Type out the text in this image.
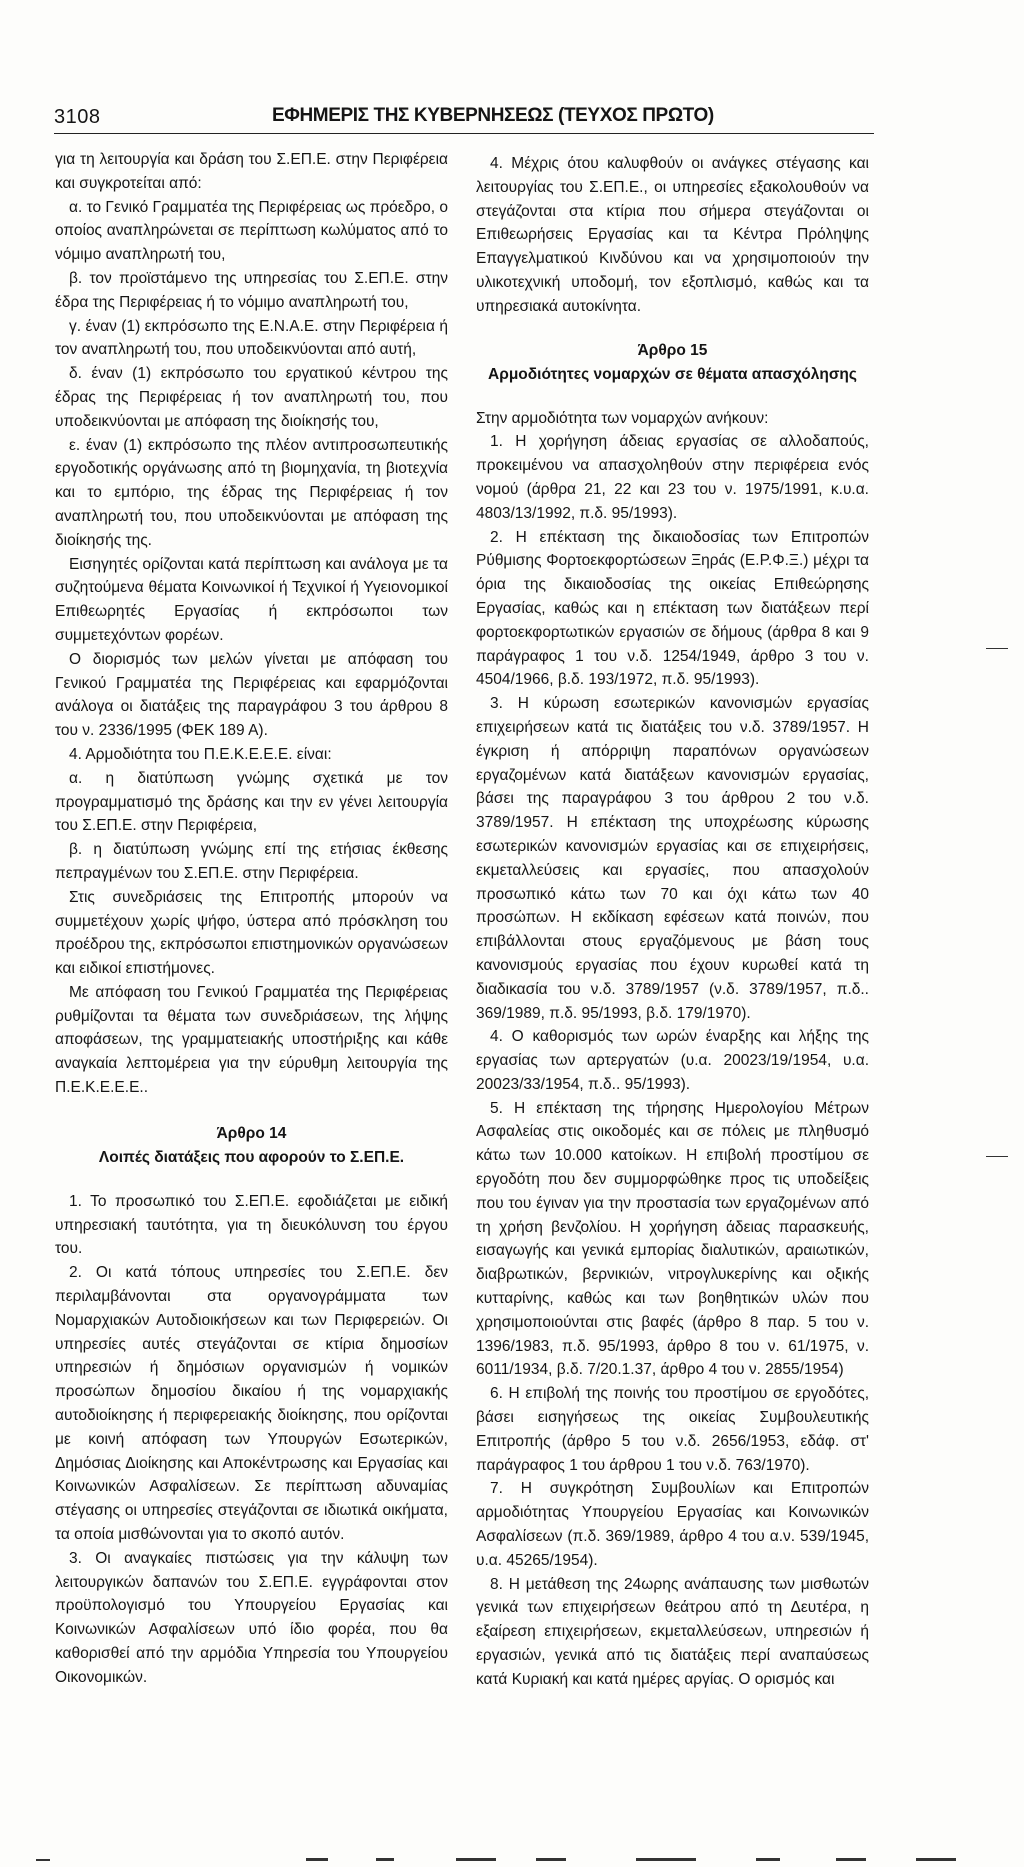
3108	ΕΦΗΜΕΡΙΣ ΤΗΣ ΚΥΒΕΡΝΗΣΕΩΣ (ΤΕΥΧΟΣ ΠΡΩΤΟ)

για τη λειτουργία και δράση του Σ.ΕΠ.Ε. στην Περιφέρεια και συγκροτείται από:

α. το Γενικό Γραμματέα της Περιφέρειας ως πρόεδρο, ο οποίος αναπληρώνεται σε περίπτωση κωλύματος από το νόμιμο αναπληρωτή του,

β. τον προϊστάμενο της υπηρεσίας του Σ.ΕΠ.Ε. στην έδρα της Περιφέρειας ή το νόμιμο αναπληρωτή του,

γ. έναν (1) εκπρόσωπο της Ε.Ν.Α.Ε. στην Περιφέρεια ή τον αναπληρωτή του, που υποδεικνύονται από αυτή,

δ. έναν (1) εκπρόσωπο του εργατικού κέντρου της έδρας της Περιφέρειας ή τον αναπληρωτή του, που υποδεικνύονται με απόφαση της διοίκησής του,

ε. έναν (1) εκπρόσωπο της πλέον αντιπροσωπευτικής εργοδοτικής οργάνωσης από τη βιομηχανία, τη βιοτεχνία και το εμπόριο, της έδρας της Περιφέρειας ή τον αναπληρωτή του, που υποδεικνύονται με απόφαση της διοίκησής της.

Εισηγητές ορίζονται κατά περίπτωση και ανάλογα με τα συζητούμενα θέματα Κοινωνικοί ή Τεχνικοί ή Υγειονομικοί Επιθεωρητές Εργασίας ή εκπρόσωποι των συμμετεχόντων φορέων.

Ο διορισμός των μελών γίνεται με απόφαση του Γενικού Γραμματέα της Περιφέρειας και εφαρμόζονται ανάλογα οι διατάξεις της παραγράφου 3 του άρθρου 8 του ν. 2336/1995 (ΦΕΚ 189 Α).

4. Αρμοδιότητα του Π.Ε.Κ.Ε.Ε.Ε. είναι:

α. η διατύπωση γνώμης σχετικά με τον προγραμματισμό της δράσης και την εν γένει λειτουργία του Σ.ΕΠ.Ε. στην Περιφέρεια,

β. η διατύπωση γνώμης επί της ετήσιας έκθεσης πεπραγμένων του Σ.ΕΠ.Ε. στην Περιφέρεια.

Στις συνεδριάσεις της Επιτροπής μπορούν να συμμετέχουν χωρίς ψήφο, ύστερα από πρόσκληση του προέδρου της, εκπρόσωποι επιστημονικών οργανώσεων και ειδικοί επιστήμονες.

Με απόφαση του Γενικού Γραμματέα της Περιφέρειας ρυθμίζονται τα θέματα των συνεδριάσεων, της λήψης αποφάσεων, της γραμματειακής υποστήριξης και κάθε αναγκαία λεπτομέρεια για την εύρυθμη λειτουργία της Π.Ε.Κ.Ε.Ε.Ε..

Άρθρο 14
Λοιπές διατάξεις που αφορούν το Σ.ΕΠ.Ε.

1. Το προσωπικό του Σ.ΕΠ.Ε. εφοδιάζεται με ειδική υπηρεσιακή ταυτότητα, για τη διευκόλυνση του έργου του.

2. Οι κατά τόπους υπηρεσίες του Σ.ΕΠ.Ε. δεν περιλαμβάνονται στα οργανογράμματα των Νομαρχιακών Αυτοδιοικήσεων και των Περιφερειών. Οι υπηρεσίες αυτές στεγάζονται σε κτίρια δημοσίων υπηρεσιών ή δημόσιων οργανισμών ή νομικών προσώπων δημοσίου δικαίου ή της νομαρχιακής αυτοδιοίκησης ή περιφερειακής διοίκησης, που ορίζονται με κοινή απόφαση των Υπουργών Εσωτερικών, Δημόσιας Διοίκησης και Αποκέντρωσης και Εργασίας και Κοινωνικών Ασφαλίσεων. Σε περίπτωση αδυναμίας στέγασης οι υπηρεσίες στεγάζονται σε ιδιωτικά οικήματα, τα οποία μισθώνονται για το σκοπό αυτόν.

3. Οι αναγκαίες πιστώσεις για την κάλυψη των λειτουργικών δαπανών του Σ.ΕΠ.Ε. εγγράφονται στον προϋπολογισμό του Υπουργείου Εργασίας και Κοινωνικών Ασφαλίσεων υπό ίδιο φορέα, που θα καθορισθεί από την αρμόδια Υπηρεσία του Υπουργείου Οικονομικών.

4. Μέχρις ότου καλυφθούν οι ανάγκες στέγασης και λειτουργίας του Σ.ΕΠ.Ε., οι υπηρεσίες εξακολουθούν να στεγάζονται στα κτίρια που σήμερα στεγάζονται οι Επιθεωρήσεις Εργασίας και τα Κέντρα Πρόληψης Επαγγελματικού Κινδύνου και να χρησιμοποιούν την υλικοτεχνική υποδομή, τον εξοπλισμό, καθώς και τα υπηρεσιακά αυτοκίνητα.

Άρθρο 15
Αρμοδιότητες νομαρχών σε θέματα απασχόλησης

Στην αρμοδιότητα των νομαρχών ανήκουν:

1. Η χορήγηση άδειας εργασίας σε αλλοδαπούς, προκειμένου να απασχοληθούν στην περιφέρεια ενός νομού (άρθρα 21, 22 και 23 του ν. 1975/1991, κ.υ.α. 4803/13/1992, π.δ. 95/1993).

2. Η επέκταση της δικαιοδοσίας των Επιτροπών Ρύθμισης Φορτοεκφορτώσεων Ξηράς (Ε.Ρ.Φ.Ξ.) μέχρι τα όρια της δικαιοδοσίας της οικείας Επιθεώρησης Εργασίας, καθώς και η επέκταση των διατάξεων περί φορτοεκφορτωτικών εργασιών σε δήμους (άρθρα 8 και 9 παράγραφος 1 του ν.δ. 1254/1949, άρθρο 3 του ν. 4504/1966, β.δ. 193/1972, π.δ. 95/1993).

3. Η κύρωση εσωτερικών κανονισμών εργασίας επιχειρήσεων κατά τις διατάξεις του ν.δ. 3789/1957. Η έγκριση ή απόρριψη παραπόνων οργανώσεων εργαζομένων κατά διατάξεων κανονισμών εργασίας, βάσει της παραγράφου 3 του άρθρου 2 του ν.δ. 3789/1957. Η επέκταση της υποχρέωσης κύρωσης εσωτερικών κανονισμών εργασίας και σε επιχειρήσεις, εκμεταλλεύσεις και εργασίες, που απασχολούν προσωπικό κάτω των 70 και όχι κάτω των 40 προσώπων. Η εκδίκαση εφέσεων κατά ποινών, που επιβάλλονται στους εργαζόμενους με βάση τους κανονισμούς εργασίας που έχουν κυρωθεί κατά τη διαδικασία του ν.δ. 3789/1957 (ν.δ. 3789/1957, π.δ.. 369/1989, π.δ. 95/1993, β.δ. 179/1970).

4. Ο καθορισμός των ωρών έναρξης και λήξης της εργασίας των αρτεργατών (υ.α. 20023/19/1954, υ.α. 20023/33/1954, π.δ.. 95/1993).

5. Η επέκταση της τήρησης Ημερολογίου Μέτρων Ασφαλείας στις οικοδομές και σε πόλεις με πληθυσμό κάτω των 10.000 κατοίκων. Η επιβολή προστίμου σε εργοδότη που δεν συμμορφώθηκε προς τις υποδείξεις που του έγιναν για την προστασία των εργαζομένων από τη χρήση βενζολίου. Η χορήγηση άδειας παρασκευής, εισαγωγής και γενικά εμπορίας διαλυτικών, αραιωτικών, διαβρωτικών, βερνικιών, νιτρογλυκερίνης και οξικής κυτταρίνης, καθώς και των βοηθητικών υλών που χρησιμοποιούνται στις βαφές (άρθρο 8 παρ. 5 του ν. 1396/1983, π.δ. 95/1993, άρθρο 8 του ν. 61/1975, ν. 6011/1934, β.δ. 7/20.1.37, άρθρο 4 του ν. 2855/1954)

6. Η επιβολή της ποινής του προστίμου σε εργοδότες, βάσει εισηγήσεως της οικείας Συμβουλευτικής Επιτροπής (άρθρο 5 του ν.δ. 2656/1953, εδάφ. στ' παράγραφος 1 του άρθρου 1 του ν.δ. 763/1970).

7. Η συγκρότηση Συμβουλίων και Επιτροπών αρμοδιότητας Υπουργείου Εργασίας και Κοινωνικών Ασφαλίσεων (π.δ. 369/1989, άρθρο 4 του α.ν. 539/1945, υ.α. 45265/1954).

8. Η μετάθεση της 24ωρης ανάπαυσης των μισθωτών γενικά των επιχειρήσεων θεάτρου από τη Δευτέρα, η εξαίρεση επιχειρήσεων, εκμεταλλεύσεων, υπηρεσιών ή εργασιών, γενικά από τις διατάξεις περί αναπαύσεως κατά Κυριακή και κατά ημέρες αργίας. Ο ορισμός και
